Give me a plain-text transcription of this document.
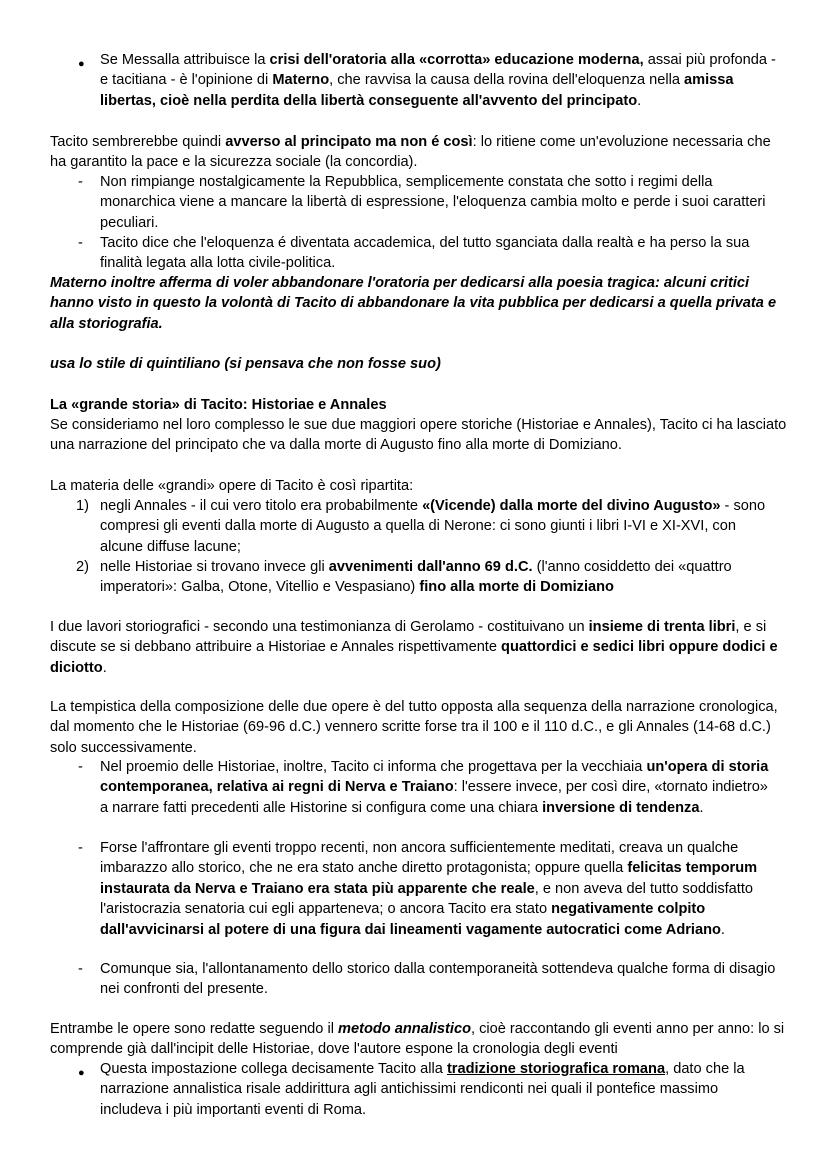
● Se Messalla attribuisce la crisi dell'oratoria alla «corrotta» educazione moderna, assai più profonda - e tacitiana - è l'opinione di Materno, che ravvisa la causa della rovina dell'eloquenza nella amissa libertas, cioè nella perdita della libertà conseguente all'avvento del principato.

Tacito sembrerebbe quindi avverso al principato ma non é così: lo ritiene come un'evoluzione necessaria che ha garantito la pace e la sicurezza sociale (la concordia).

- Non rimpiange nostalgicamente la Repubblica, semplicemente constata che sotto i regimi della monarchica viene a mancare la libertà di espressione, l'eloquenza cambia molto e perde i suoi caratteri peculiari.

- Tacito dice che l'eloquenza é diventata accademica, del tutto sganciata dalla realtà e ha perso la sua finalità legata alla lotta civile-politica.

Materno inoltre afferma di voler abbandonare l'oratoria per dedicarsi alla poesia tragica: alcuni critici hanno visto in questo la volontà di Tacito di abbandonare la vita pubblica per dedicarsi a quella privata e alla storiografia.

usa lo stile di quintiliano (si pensava che non fosse suo)

La «grande storia» di Tacito: Historiae e Annales

Se consideriamo nel loro complesso le sue due maggiori opere storiche (Historiae e Annales), Tacito ci ha lasciato una narrazione del principato che va dalla morte di Augusto fino alla morte di Domiziano.

La materia delle «grandi» opere di Tacito è così ripartita:

1) negli Annales - il cui vero titolo era probabilmente «(Vicende) dalla morte del divino Augusto» - sono compresi gli eventi dalla morte di Augusto a quella di Nerone: ci sono giunti i libri I-VI e XI-XVI, con alcune diffuse lacune;

2) nelle Historiae si trovano invece gli avvenimenti dall'anno 69 d.C. (l'anno cosiddetto dei «quattro imperatori»: Galba, Otone, Vitellio e Vespasiano) fino alla morte di Domiziano

I due lavori storiografici - secondo una testimonianza di Gerolamo - costituivano un insieme di trenta libri, e si discute se si debbano attribuire a Historiae e Annales rispettivamente quattordici e sedici libri oppure dodici e diciotto.

La tempistica della composizione delle due opere è del tutto opposta alla sequenza della narrazione cronologica, dal momento che le Historiae (69-96 d.C.) vennero scritte forse tra il 100 e il 110 d.C., e gli Annales (14-68 d.C.) solo successivamente.

- Nel proemio delle Historiae, inoltre, Tacito ci informa che progettava per la vecchiaia un'opera di storia contemporanea, relativa ai regni di Nerva e Traiano: l'essere invece, per così dire, «tornato indietro» a narrare fatti precedenti alle Historine si configura come una chiara inversione di tendenza.

- Forse l'affrontare gli eventi troppo recenti, non ancora sufficientemente meditati, creava un qualche imbarazzo allo storico, che ne era stato anche diretto protagonista; oppure quella felicitas temporum instaurata da Nerva e Traiano era stata più apparente che reale, e non aveva del tutto soddisfatto l'aristocrazia senatoria cui egli apparteneva; o ancora Tacito era stato negativamente colpito dall'avvicinarsi al potere di una figura dai lineamenti vagamente autocratici come Adriano.

- Comunque sia, l'allontanamento dello storico dalla contemporaneità sottendeva qualche forma di disagio nei confronti del presente.

Entrambe le opere sono redatte seguendo il metodo annalistico, cioè raccontando gli eventi anno per anno: lo si comprende già dall'incipit delle Historiae, dove l'autore espone la cronologia degli eventi

● Questa impostazione collega decisamente Tacito alla tradizione storiografica romana, dato che la narrazione annalistica risale addirittura agli antichissimi rendiconti nei quali il pontefice massimo includeva i più importanti eventi di Roma.
